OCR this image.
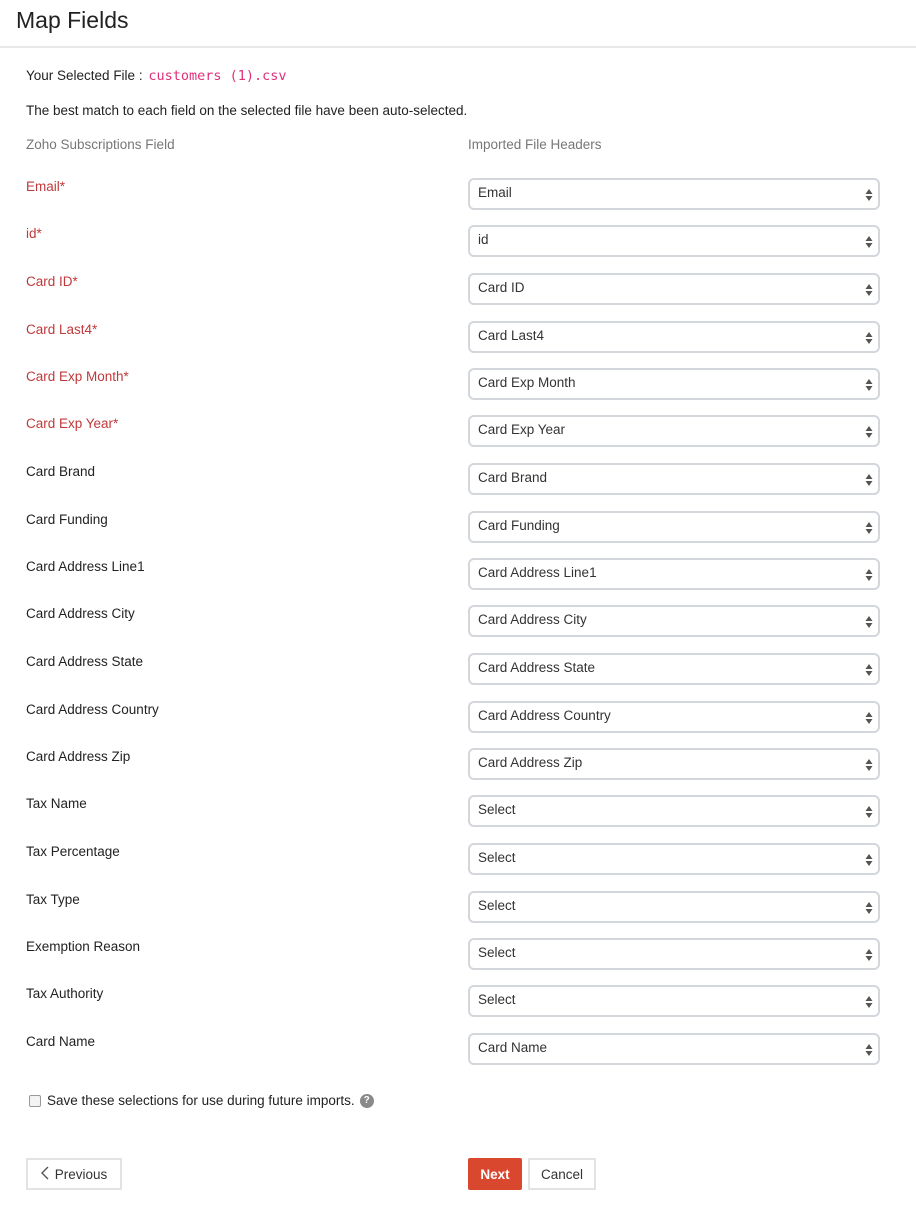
Map Fields
Your Selected File : customers (1).csv
The best match to each field on the selected file have been auto-selected.
Zoho Subscriptions Field	Imported File Headers
Email*	Email
id*	id
Card ID*	Card ID
Card Last4*	Card Last4
Card Exp Month*	Card Exp Month
Card Exp Year*	Card Exp Year
Card Brand	Card Brand
Card Funding	Card Funding
Card Address Line1	Card Address Line1
Card Address City	Card Address City
Card Address State	Card Address State
Card Address Country	Card Address Country
Card Address Zip	Card Address Zip
Tax Name	Select
Tax Percentage	Select
Tax Type	Select
Exemption Reason	Select
Tax Authority	Select
Card Name	Card Name
Save these selections for use during future imports. ?
Previous	Next	Cancel
